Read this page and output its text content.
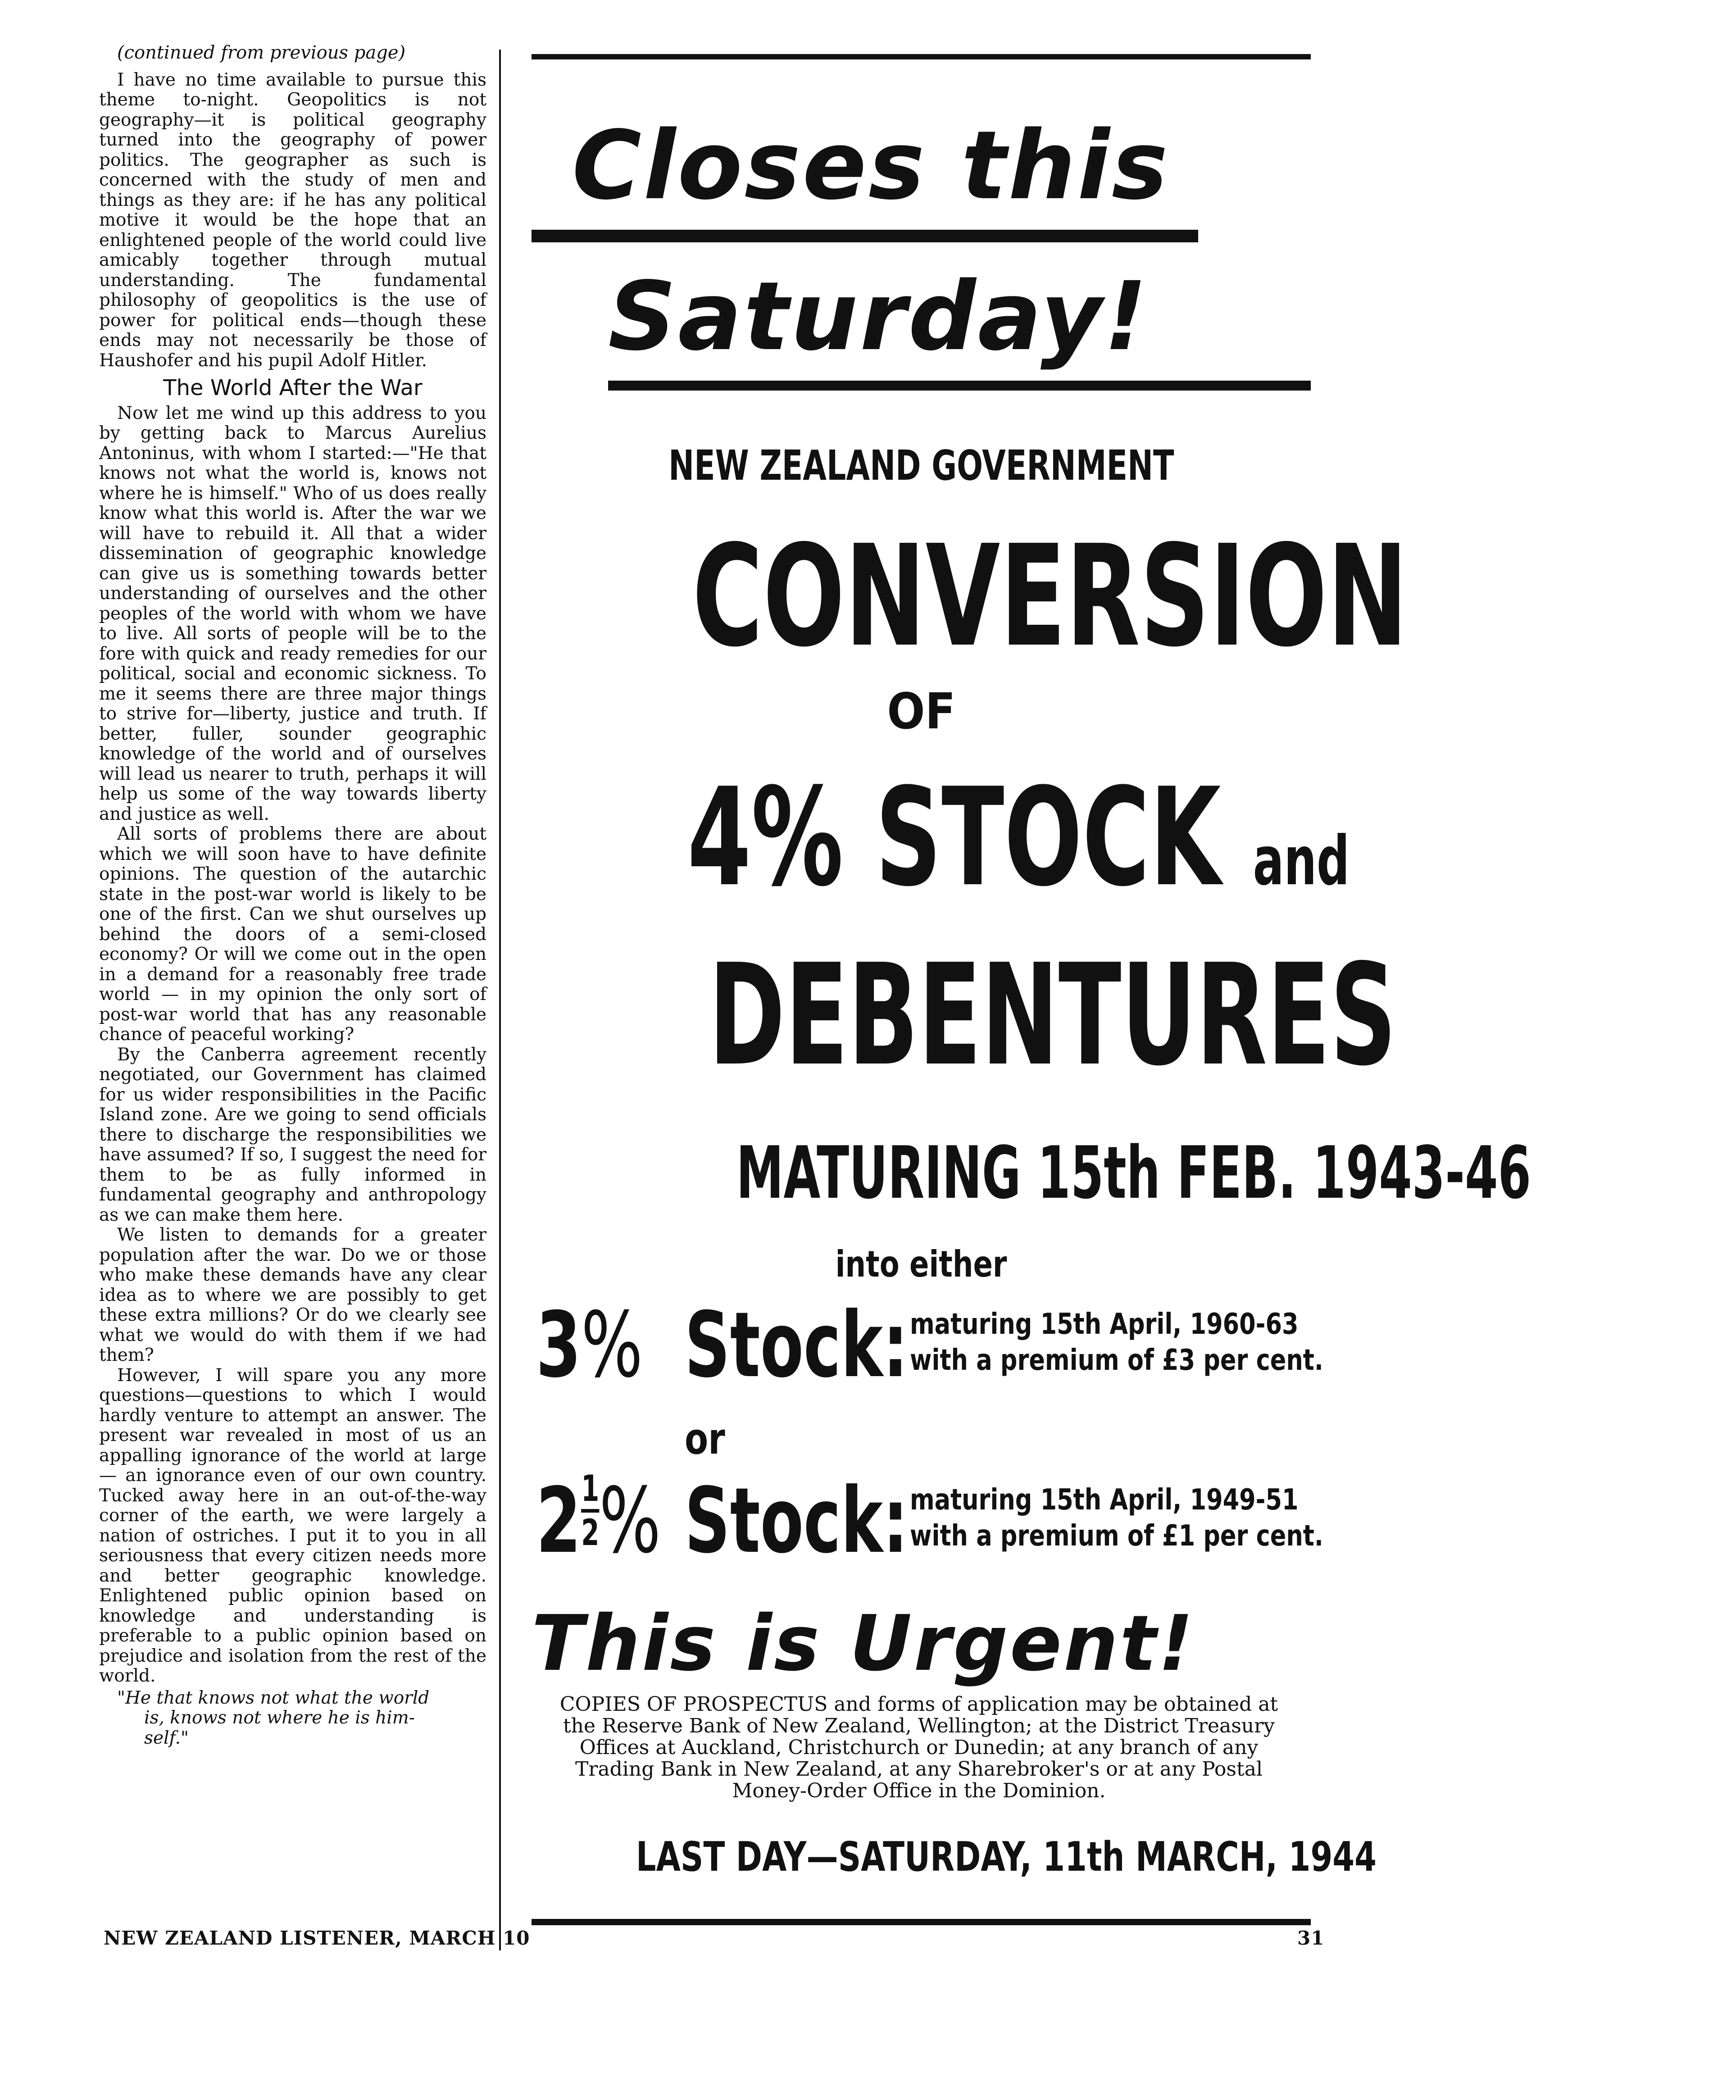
(continued from previous page)

I have no time available to pursue this theme to-night. Geopolitics is not geography—it is political geography turned into the geography of power politics. The geographer as such is concerned with the study of men and things as they are: if he has any political motive it would be the hope that an enlightened people of the world could live amicably together through mutual understanding. The fundamental philosophy of geopolitics is the use of power for political ends—though these ends may not necessarily be those of Haushofer and his pupil Adolf Hitler.

The World After the War

Now let me wind up this address to you by getting back to Marcus Aurelius Antoninus, with whom I started:—"He that knows not what the world is, knows not where he is himself." Who of us does really know what this world is. After the war we will have to rebuild it. All that a wider dissemination of geographic knowledge can give us is something towards better understanding of ourselves and the other peoples of the world with whom we have to live. All sorts of people will be to the fore with quick and ready remedies for our political, social and economic sickness. To me it seems there are three major things to strive for—liberty, justice and truth. If better, fuller, sounder geographic knowledge of the world and of ourselves will lead us nearer to truth, perhaps it will help us some of the way towards liberty and justice as well.

All sorts of problems there are about which we will soon have to have definite opinions. The question of the autarchic state in the post-war world is likely to be one of the first. Can we shut ourselves up behind the doors of a semi-closed economy? Or will we come out in the open in a demand for a reasonably free trade world — in my opinion the only sort of post-war world that has any reasonable chance of peaceful working?

By the Canberra agreement recently negotiated, our Government has claimed for us wider responsibilities in the Pacific Island zone. Are we going to send officials there to discharge the responsibilities we have assumed? If so, I suggest the need for them to be as fully informed in fundamental geography and anthropology as we can make them here.

We listen to demands for a greater population after the war. Do we or those who make these demands have any clear idea as to where we are possibly to get these extra millions? Or do we clearly see what we would do with them if we had them?

However, I will spare you any more questions—questions to which I would hardly venture to attempt an answer. The present war revealed in most of us an appalling ignorance of the world at large — an ignorance even of our own country. Tucked away here in an out-of-the-way corner of the earth, we were largely a nation of ostriches. I put it to you in all seriousness that every citizen needs more and better geographic knowledge. Enlightened public opinion based on knowledge and understanding is preferable to a public opinion based on prejudice and isolation from the rest of the world.

"He that knows not what the world
is, knows not where he is him-
self."

Closes this
Saturday!
NEW ZEALAND GOVERNMENT
CONVERSION
OF
4% STOCK and
DEBENTURES
MATURING 15th FEB. 1943-46
into either
3% Stock: maturing 15th April, 1960-63
with a premium of £3 per cent.
or
$2 \frac{1}{2}$ % Stock: maturing 15th April, 1949-51
with a premium of £1 per cent.
This is Urgent!
COPIES OF PROSPECTUS and forms of application may be obtained at the Reserve Bank of New Zealand, Wellington; at the District Treasury Offices at Auckland, Christchurch or Dunedin; at any branch of any Trading Bank in New Zealand, at any Sharebroker's or at any Postal Money-Order Office in the Dominion.
LAST DAY—SATURDAY, 11th MARCH, 1944
NEW ZEALAND LISTENER, MARCH 10	31
